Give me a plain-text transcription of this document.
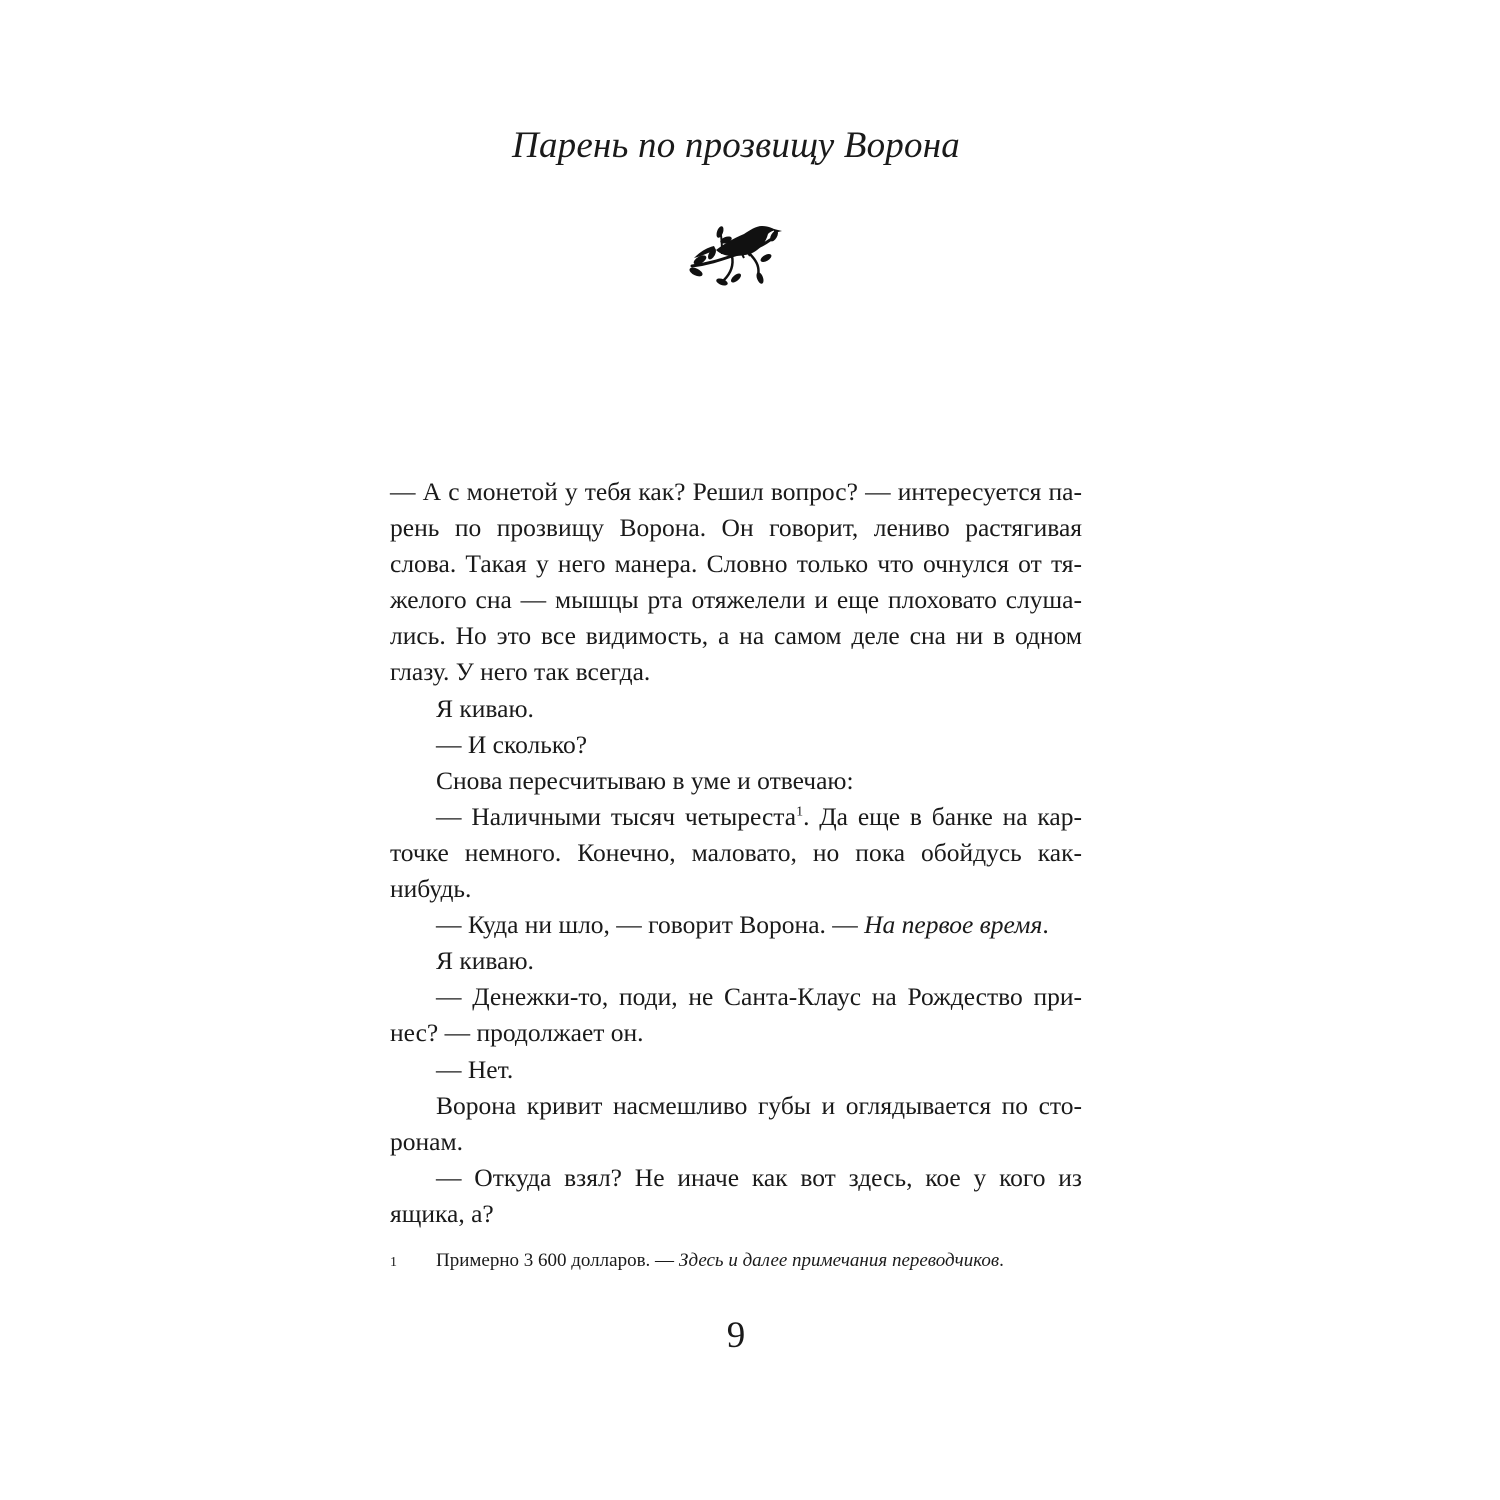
Парень по прозвищу Ворона

— А с монетой у тебя как? Решил вопрос? — интересуется парень по прозвищу Ворона. Он говорит, лениво растягивая слова. Такая у него манера. Словно только что очнулся от тяжелого сна — мышцы рта отяжелели и еще плоховато слушались. Но это все видимость, а на самом деле сна ни в одном глазу. У него так всегда.

Я киваю.

— И сколько?

Снова пересчитываю в уме и отвечаю:

— Наличными тысяч четыреста$^1$. Да еще в банке на карточке немного. Конечно, маловато, но пока обойдусь как-нибудь.

— Куда ни шло, — говорит Ворона. — На первое время.

Я киваю.

— Денежки-то, поди, не Санта-Клаус на Рождество принес? — продолжает он.

— Нет.

Ворона кривит насмешливо губы и оглядывается по сторонам.

— Откуда взял? Не иначе как вот здесь, кое у кого из ящика, а?

1 Примерно 3 600 долларов. — Здесь и далее примечания переводчиков.
9
